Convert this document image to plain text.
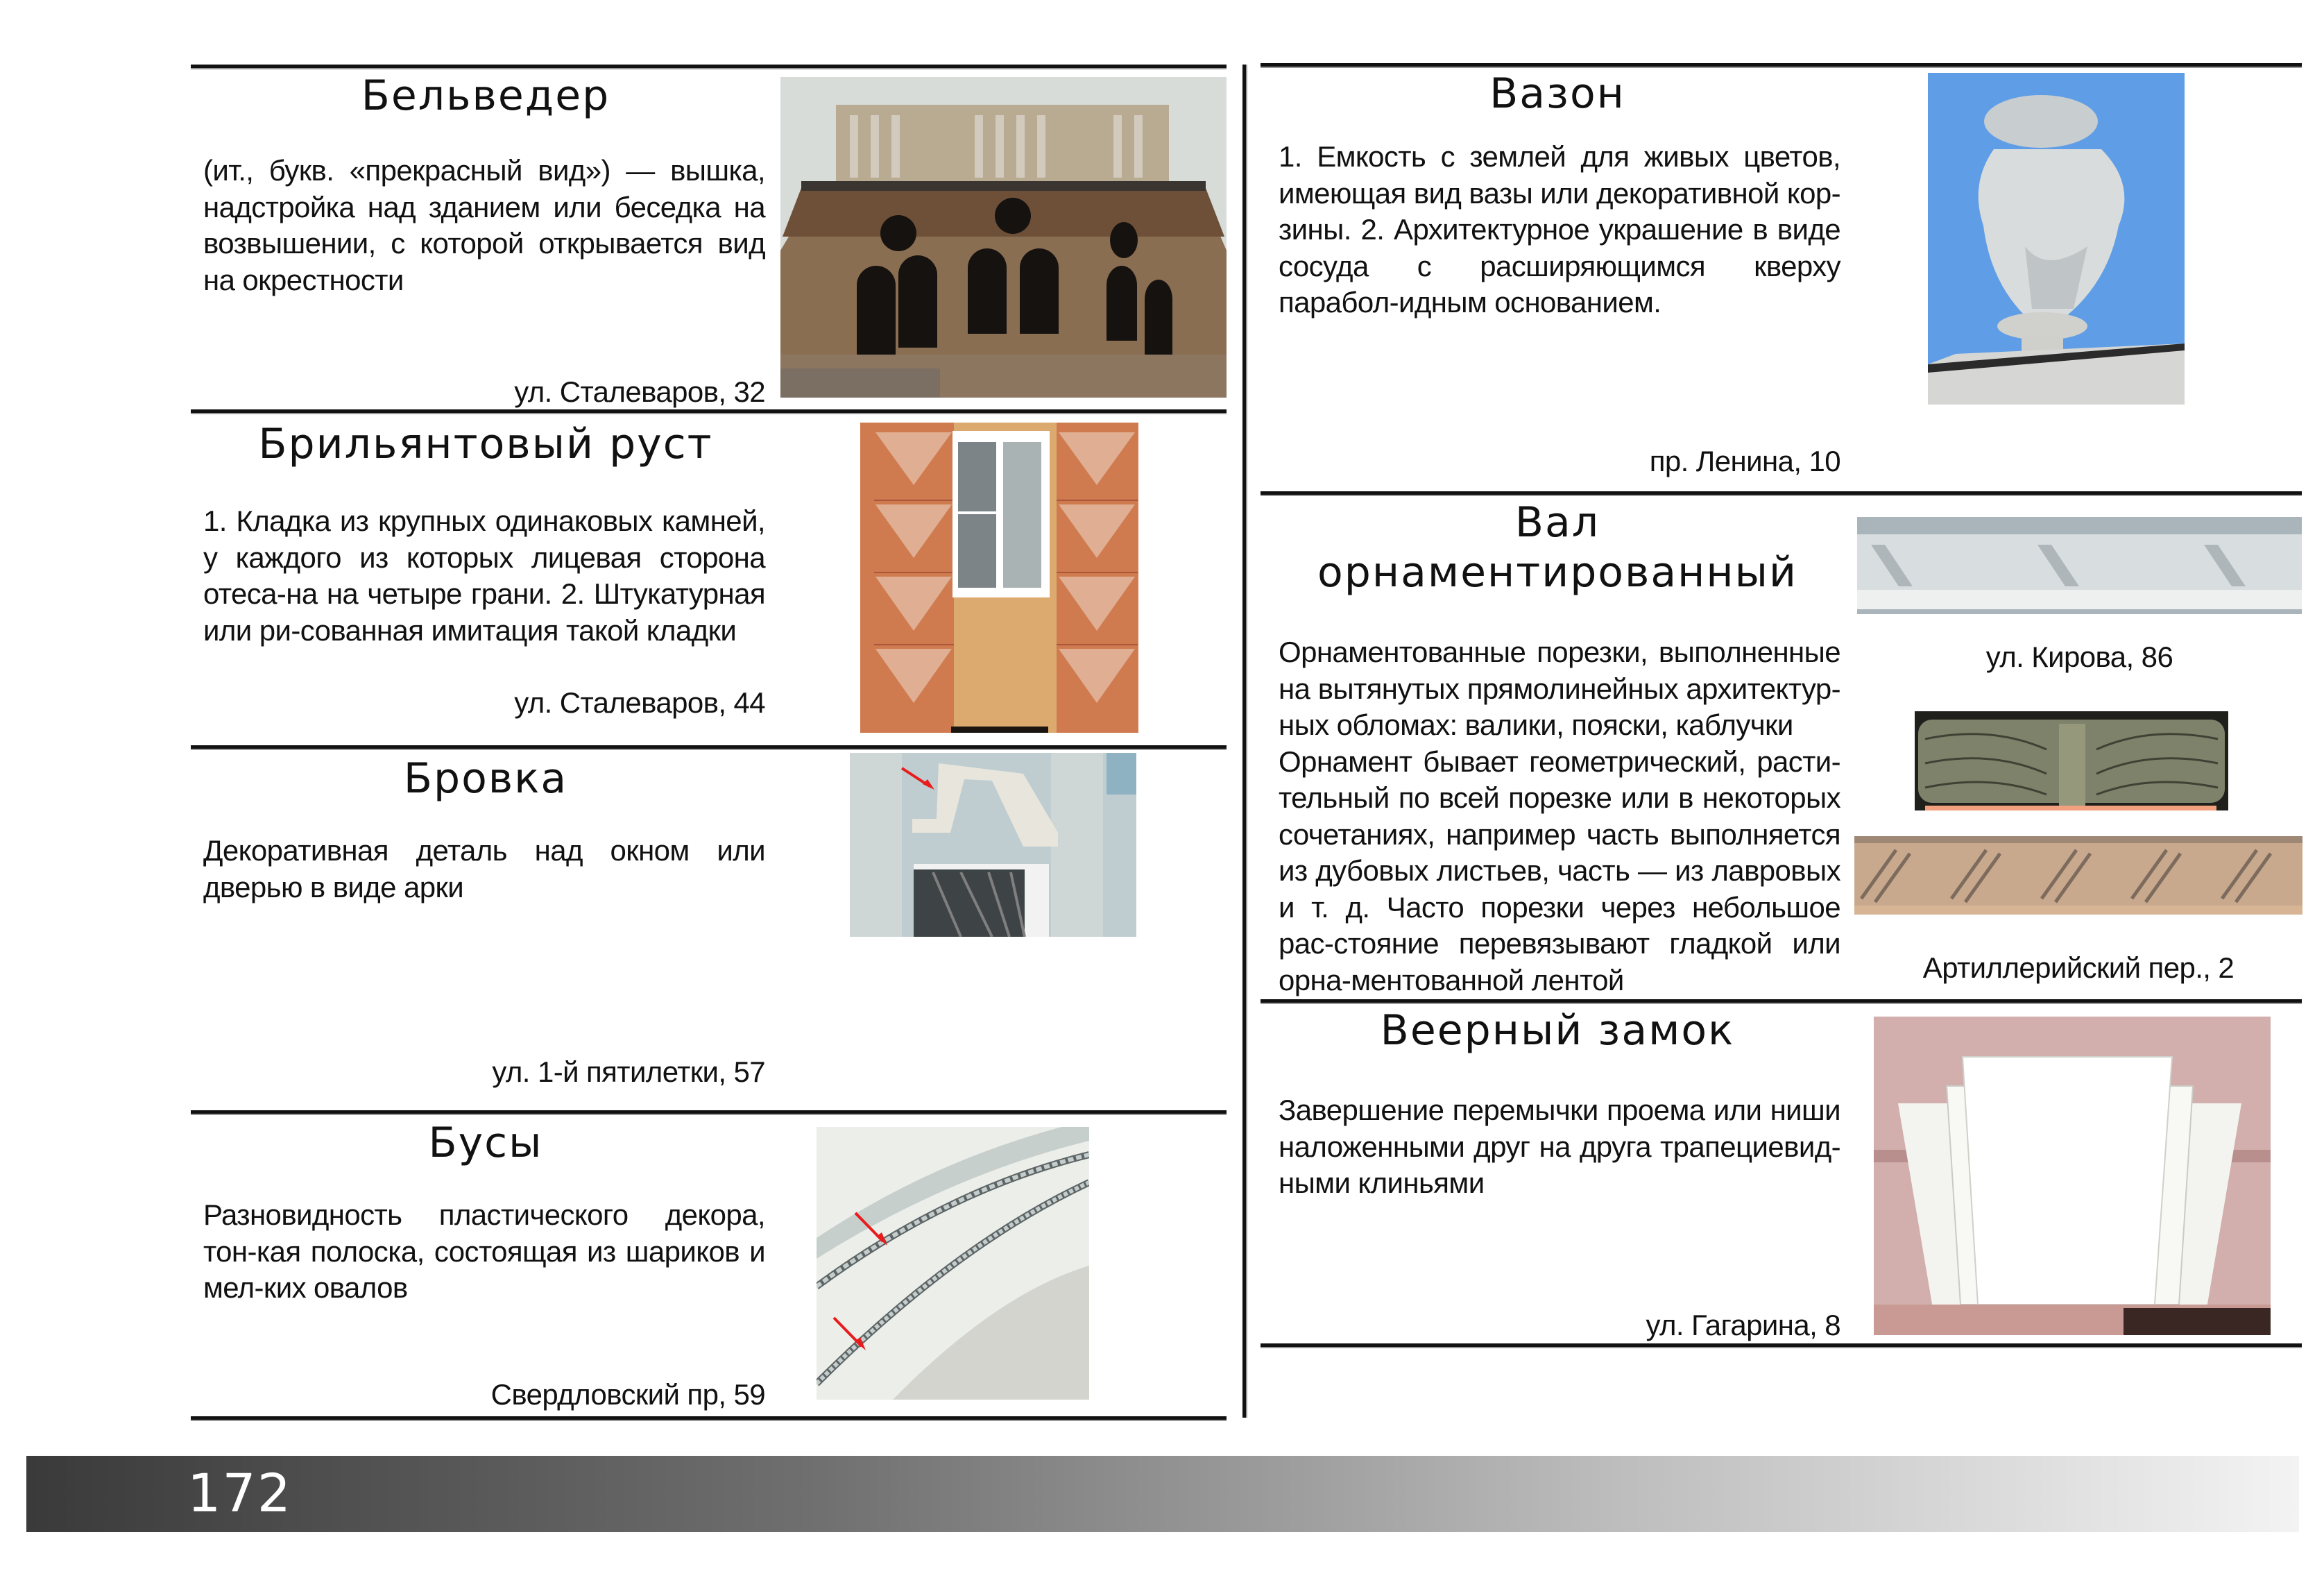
Бельведер

(ит., букв. «прекрасный вид») — вышка, надстройка над зданием или беседка на возвышении, с которой открывается вид на окрестности

ул. Сталеваров, 32
Брильянтовый руст

1. Кладка из крупных одинаковых камней, у каждого из которых лицевая сторона отеса-на на четыре грани. 2. Штукатурная или ри-сованная имитация такой кладки

ул. Сталеваров, 44
Бровка

Декоративная деталь над окном или дверью в виде арки

ул. 1-й пятилетки, 57
Бусы

Разновидность пластического декора, тон-кая полоска, состоящая из шариков и мел-ких овалов

Свердловский пр, 59
Вазон

1. Емкость с землей для живых цветов, имеющая вид вазы или декоративной кор-зины. 2. Архитектурное украшение в виде сосуда с расширяющимся кверху парабол-идным основанием.

пр. Ленина, 10
Вал
орнаментированный

Орнаментованные порезки, выполненные на вытянутых прямолинейных архитектур-ных обломах: валики, пояски, каблучки

Орнамент бывает геометрический, расти-тельный по всей порезке или в некоторых сочетаниях, например часть выполняется из дубовых листьев, часть — из лавровых и т. д. Часто порезки через небольшое рас-стояние перевязывают гладкой или орна-ментованной лентой

ул. Кирова, 86
Артиллерийский пер., 2
Веерный замок

Завершение перемычки проема или ниши наложенными друг на друга трапециевид-ными клиньями

ул. Гагарина, 8
172
